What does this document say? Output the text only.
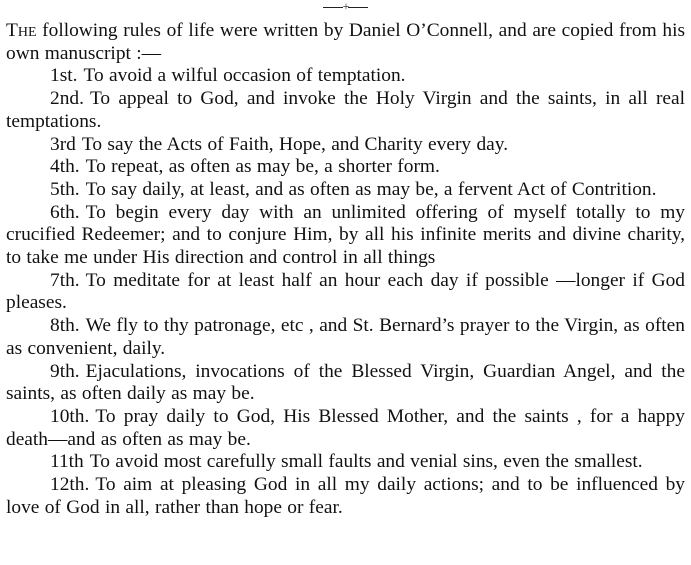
+

The following rules of life were written by Daniel O’Connell, and are copied from his own manuscript :—

1st. To avoid a wilful occasion of temptation.

2nd. To appeal to God, and invoke the Holy Virgin and the saints, in all real temptations.

3rd To say the Acts of Faith, Hope, and Charity every day.

4th. To repeat, as often as may be, a shorter form.

5th. To say daily, at least, and as often as may be, a fervent Act of Contrition.

6th. To begin every day with an unlimited offering of myself totally to my crucified Redeemer; and to conjure Him, by all his infinite merits and divine charity, to take me under His direction and control in all things

7th. To meditate for at least half an hour each day if possible —longer if God pleases.

8th. We fly to thy patronage, etc , and St. Bernard’s prayer to the Virgin, as often as convenient, daily.

9th. Ejaculations, invocations of the Blessed Virgin, Guardian Angel, and the saints, as often daily as may be.

10th. To pray daily to God, His Blessed Mother, and the saints , for a happy death—and as often as may be.

11th To avoid most carefully small faults and venial sins, even the smallest.

12th. To aim at pleasing God in all my daily actions; and to be influenced by love of God in all, rather than hope or fear.
